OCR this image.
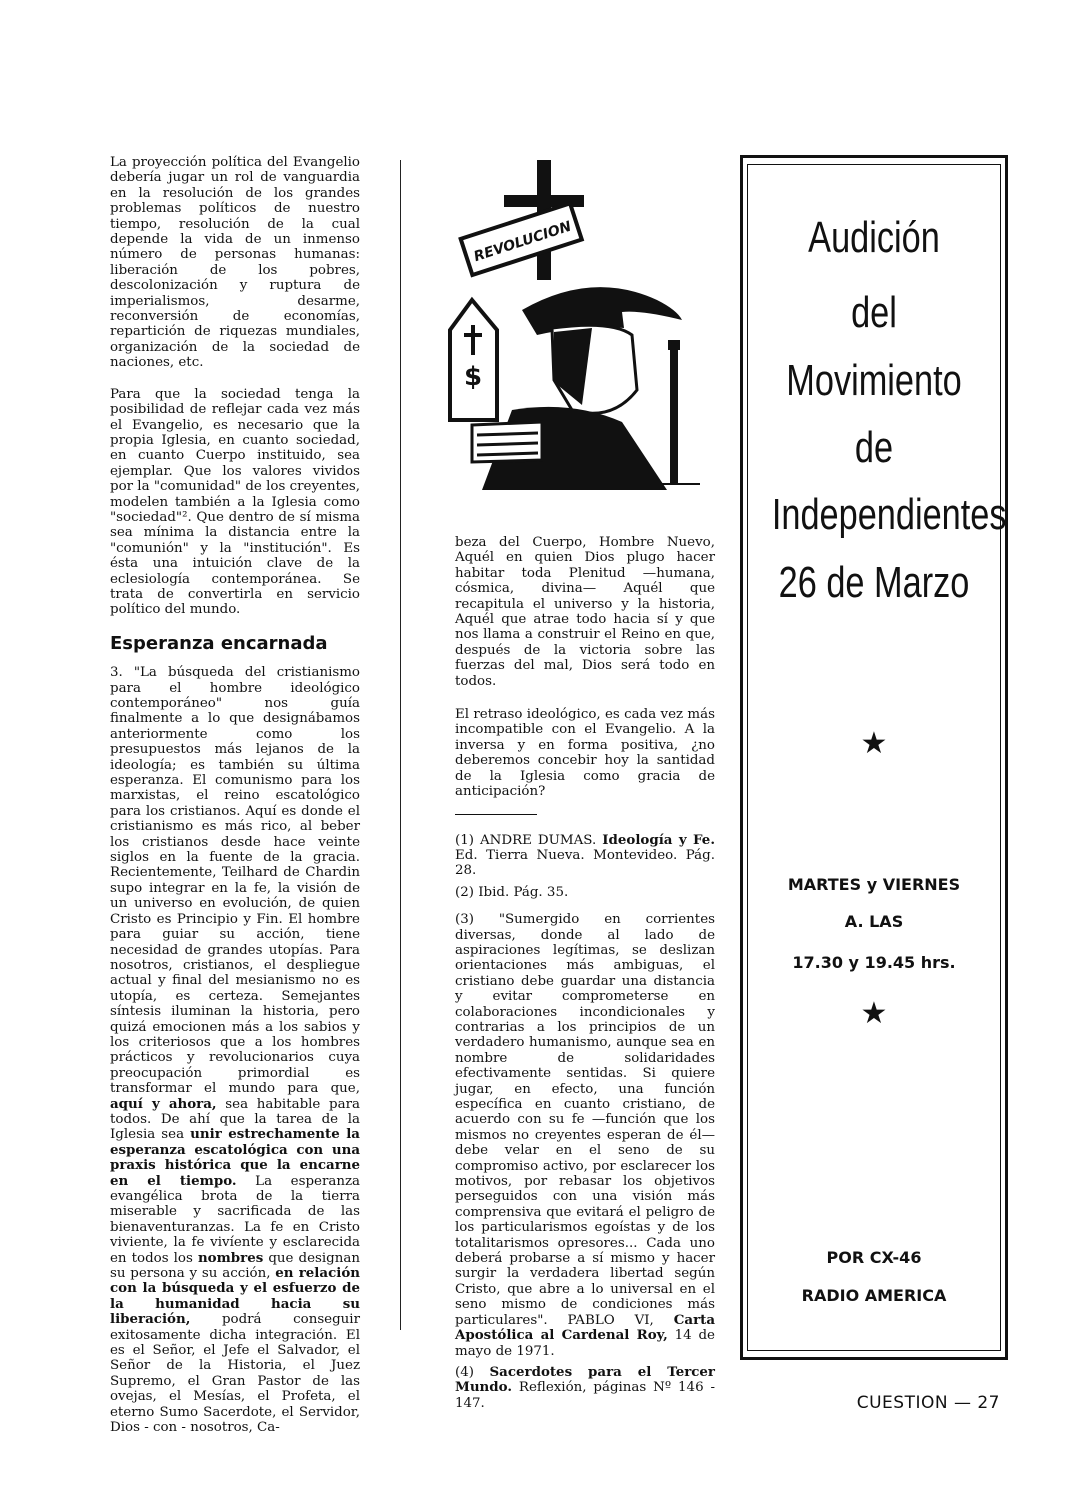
La proyección política del Evangelio debería jugar un rol de vanguardia en la resolución de los grandes problemas políticos de nuestro tiempo, resolución de la cual depende la vida de un inmenso número de personas humanas: liberación de los pobres, descolonización y ruptura de imperialismos, desarme, reconversión de economías, repartición de riquezas mundiales, organización de la sociedad de naciones, etc.

Para que la sociedad tenga la posibilidad de reflejar cada vez más el Evangelio, es necesario que la propia Iglesia, en cuanto sociedad, en cuanto Cuerpo instituido, sea ejemplar. Que los valores vividos por la "comunidad" de los creyentes, modelen también a la Iglesia como "sociedad"². Que dentro de sí misma sea mínima la distancia entre la "comunión" y la "institución". Es ésta una intuición clave de la eclesiología contemporánea. Se trata de convertirla en servicio político del mundo.

Esperanza encarnada

3. "La búsqueda del cristianismo para el hombre ideológico contemporáneo" nos guía finalmente a lo que designábamos anteriormente como los presupuestos más lejanos de la ideología; es también su última esperanza. El comunismo para los marxistas, el reino escatológico para los cristianos. Aquí es donde el cristianismo es más rico, al beber los cristianos desde hace veinte siglos en la fuente de la gracia. Recientemente, Teilhard de Chardin supo integrar en la fe, la visión de un universo en evolución, de quien Cristo es Principio y Fin. El hombre para guiar su acción, tiene necesidad de grandes utopías. Para nosotros, cristianos, el despliegue actual y final del mesianismo no es utopía, es certeza. Semejantes síntesis iluminan la historia, pero quizá emocionen más a los sabios y los criteriosos que a los hombres prácticos y revolucionarios cuya preocupación primordial es transformar el mundo para que, aquí y ahora, sea habitable para todos. De ahí que la tarea de la Iglesia sea unir estrechamente la esperanza escatológica con una praxis histórica que la encarne en el tiempo. La esperanza evangélica brota de la tierra miserable y sacrificada de las bienaventuranzas. La fe en Cristo viviente, la fe vivíente y esclarecida en todos los nombres que designan su persona y su acción, en relación con la búsqueda y el esfuerzo de la humanidad hacia su liberación, podrá conseguir exitosamente dicha integración. El es el Señor, el Jefe el Salvador, el Señor de la Historia, el Juez Supremo, el Gran Pastor de las ovejas, el Mesías, el Profeta, el eterno Sumo Sacerdote, el Servidor, Dios - con - nosotros, Ca-

REVOLUCION
$

beza del Cuerpo, Hombre Nuevo, Aquél en quien Dios plugo hacer habitar toda Plenitud —humana, cósmica, divina— Aquél que recapitula el universo y la historia, Aquél que atrae todo hacia sí y que nos llama a construir el Reino en que, después de la victoria sobre las fuerzas del mal, Dios será todo en todos.

El retraso ideológico, es cada vez más incompatible con el Evangelio. A la inversa y en forma positiva, ¿no deberemos concebir hoy la santidad de la Iglesia como gracia de anticipación?

(1) ANDRE DUMAS. Ideología y Fe. Ed. Tierra Nueva. Montevideo. Pág. 28.

(2) Ibid. Pág. 35.

(3) "Sumergido en corrientes diversas, donde al lado de aspiraciones legítimas, se deslizan orientaciones más ambiguas, el cristiano debe guardar una distancia y evitar comprometerse en colaboraciones incondicionales y contrarias a los principios de un verdadero humanismo, aunque sea en nombre de solidaridades efectivamente sentidas. Si quiere jugar, en efecto, una función específica en cuanto cristiano, de acuerdo con su fe —función que los mismos no creyentes esperan de él— debe velar en el seno de su compromiso activo, por esclarecer los motivos, por rebasar los objetivos perseguidos con una visión más comprensiva que evitará el peligro de los particularismos egoístas y de los totalitarismos opresores... Cada uno deberá probarse a sí mismo y hacer surgir la verdadera libertad según Cristo, que abre a lo universal en el seno mismo de condiciones más particulares". PABLO VI, Carta Apostólica al Cardenal Roy, 14 de mayo de 1971.

(4) Sacerdotes para el Tercer Mundo. Reflexión, páginas Nº 146 - 147.

Audición
del
Movimiento
de
Independientes
26 de Marzo
★
MARTES y VIERNES
A. LAS
17.30 y 19.45 hrs.
★
POR CX-46
RADIO AMERICA
CUESTION — 27
